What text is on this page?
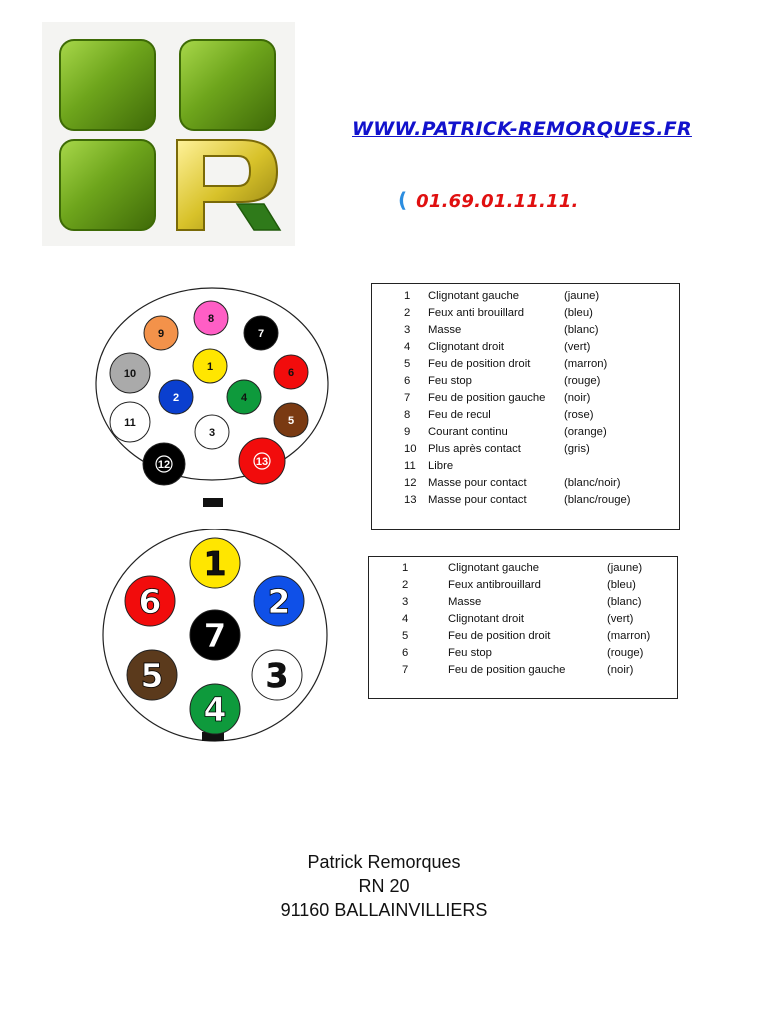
WWW.PATRICK-REMORQUES.FR
( 01.69.01.11.11.
1
2
3
4
5
6
7
8
9
10
11
12	13
1
2
3
4
5
6
7
1 Clignotant gauche	(jaune)
2 Feux anti brouillard	(bleu)
3 Masse	(blanc)
4 Clignotant droit	(vert)
5 Feu de position droit	(marron)
6 Feu stop	(rouge)
7 Feu de position gauche (noir)
8 Feu de recul	(rose)
9 Courant continu	(orange)
10 Plus après contact	(gris)
11 Libre
12 Masse pour contact	(blanc/noir)
13 Masse pour contact	(blanc/rouge)
1	Clignotant gauche	(jaune)
2	Feux antibrouillard	(bleu)
3	Masse	(blanc)
4	Clignotant droit	(vert)
5	Feu de position droit	(marron)
6	Feu stop	(rouge)
7	Feu de position gauche	(noir)
Patrick Remorques
RN 20
91160 BALLAINVILLIERS
